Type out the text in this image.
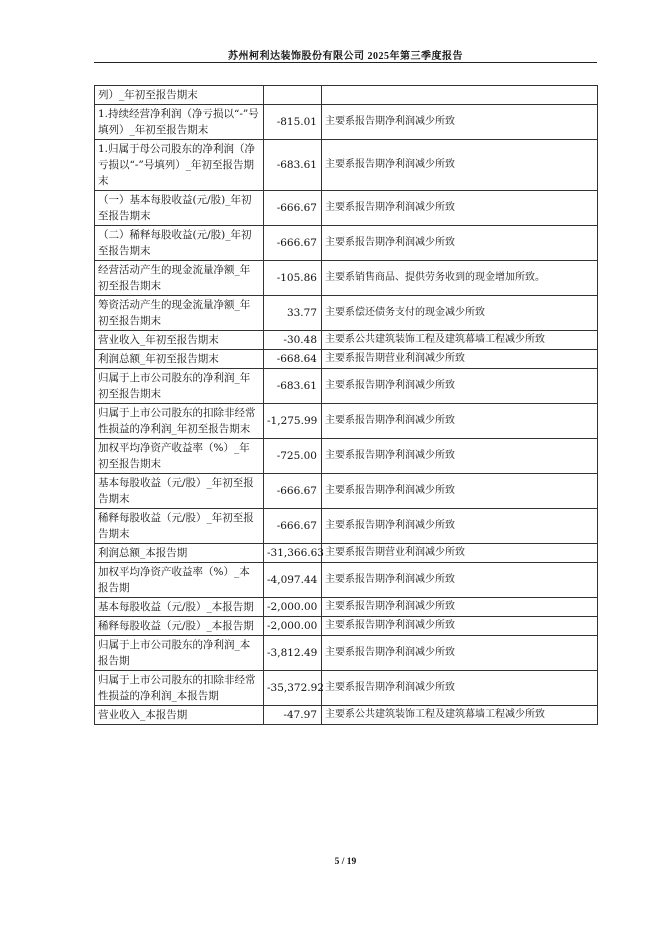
苏州柯利达装饰股份有限公司 2025年第三季度报告
列）_年初至报告期末		
1.持续经营净利润（净亏损以“-”号填列）_年初至报告期末	-815.01	主要系报告期净利润减少所致
1.归属于母公司股东的净利润（净亏损以“-”号填列）_年初至报告期末	-683.61	主要系报告期净利润减少所致
（一）基本每股收益(元/股)_年初至报告期末	-666.67	主要系报告期净利润减少所致
（二）稀释每股收益(元/股)_年初至报告期末	-666.67	主要系报告期净利润减少所致
经营活动产生的现金流量净额_年初至报告期末	-105.86	主要系销售商品、提供劳务收到的现金增加所致。
筹资活动产生的现金流量净额_年初至报告期末	33.77	主要系偿还债务支付的现金减少所致
营业收入_年初至报告期末	-30.48	主要系公共建筑装饰工程及建筑幕墙工程减少所致
利润总额_年初至报告期末	-668.64	主要系报告期营业利润减少所致
归属于上市公司股东的净利润_年初至报告期末	-683.61	主要系报告期净利润减少所致
归属于上市公司股东的扣除非经常性损益的净利润_年初至报告期末	-1,275.99	主要系报告期净利润减少所致
加权平均净资产收益率（%）_年初至报告期末	-725.00	主要系报告期净利润减少所致
基本每股收益（元/股）_年初至报告期末	-666.67	主要系报告期净利润减少所致
稀释每股收益（元/股）_年初至报告期末	-666.67	主要系报告期净利润减少所致
利润总额_本报告期	-31,366.63	主要系报告期营业利润减少所致
加权平均净资产收益率（%）_本报告期	-4,097.44	主要系报告期净利润减少所致
基本每股收益（元/股）_本报告期	-2,000.00	主要系报告期净利润减少所致
稀释每股收益（元/股）_本报告期	-2,000.00	主要系报告期净利润减少所致
归属于上市公司股东的净利润_本报告期	-3,812.49	主要系报告期净利润减少所致
归属于上市公司股东的扣除非经常性损益的净利润_本报告期	-35,372.92	主要系报告期净利润减少所致
营业收入_本报告期	-47.97	主要系公共建筑装饰工程及建筑幕墙工程减少所致
5 / 19
